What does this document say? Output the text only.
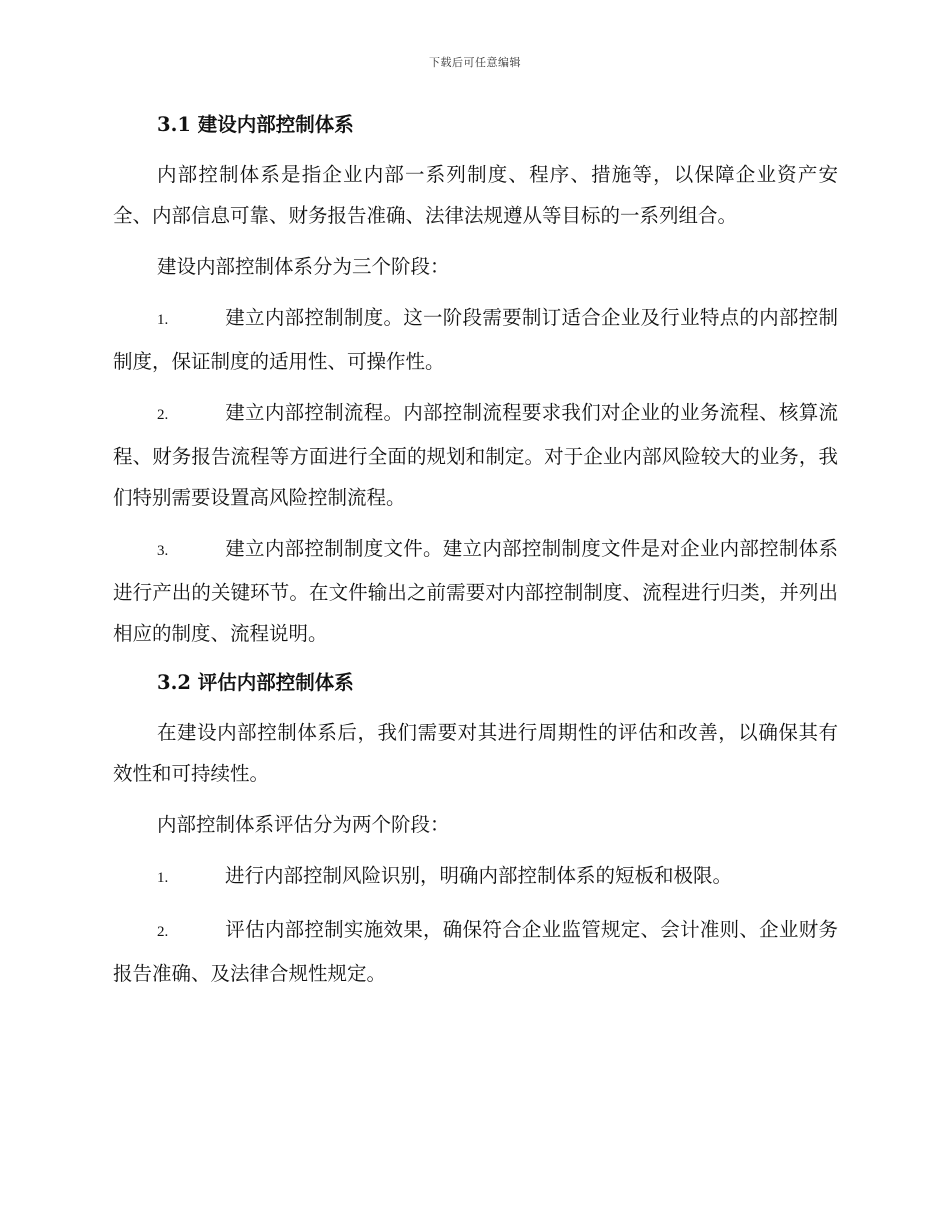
下载后可任意编辑
3.1 建设内部控制体系

内部控制体系是指企业内部一系列制度、程序、措施等，以保障企业资产安全、内部信息可靠、财务报告准确、法律法规遵从等目标的一系列组合。

建设内部控制体系分为三个阶段：

1.	建立内部控制制度。这一阶段需要制订适合企业及行业特点的内部控制制度，保证制度的适用性、可操作性。

2.	建立内部控制流程。内部控制流程要求我们对企业的业务流程、核算流程、财务报告流程等方面进行全面的规划和制定。对于企业内部风险较大的业务，我们特别需要设置高风险控制流程。

3.	建立内部控制制度文件。建立内部控制制度文件是对企业内部控制体系进行产出的关键环节。在文件输出之前需要对内部控制制度、流程进行归类，并列出相应的制度、流程说明。

3.2 评估内部控制体系

在建设内部控制体系后，我们需要对其进行周期性的评估和改善，以确保其有效性和可持续性。

内部控制体系评估分为两个阶段：

1.	进行内部控制风险识别，明确内部控制体系的短板和极限。

2.	评估内部控制实施效果，确保符合企业监管规定、会计准则、企业财务报告准确、及法律合规性规定。
